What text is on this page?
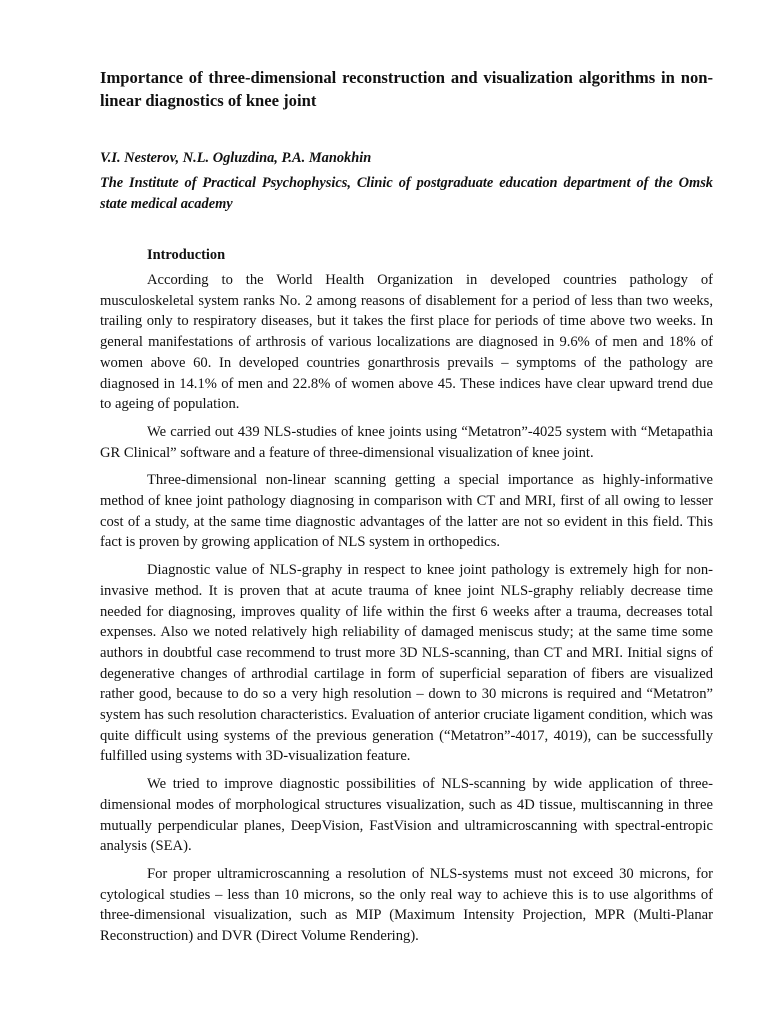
Importance of three-dimensional reconstruction and visualization algorithms in non-linear diagnostics of knee joint

V.I. Nesterov, N.L. Ogluzdina, P.A. Manokhin

The Institute of Practical Psychophysics, Clinic of postgraduate education department of the Omsk state medical academy

Introduction

According to the World Health Organization in developed countries pathology of musculoskeletal system ranks No. 2 among reasons of disablement for a period of less than two weeks, trailing only to respiratory diseases, but it takes the first place for periods of time above two weeks. In general manifestations of arthrosis of various localizations are diagnosed in 9.6% of men and 18% of women above 60. In developed countries gonarthrosis prevails – symptoms of the pathology are diagnosed in 14.1% of men and 22.8% of women above 45. These indices have clear upward trend due to ageing of population.

We carried out 439 NLS-studies of knee joints using “Metatron”-4025 system with “Metapathia GR Clinical” software and a feature of three-dimensional visualization of knee joint.

Three-dimensional non-linear scanning getting a special importance as highly-informative method of knee joint pathology diagnosing in comparison with CT and MRI, first of all owing to lesser cost of a study, at the same time diagnostic advantages of the latter are not so evident in this field. This fact is proven by growing application of NLS system in orthopedics.

Diagnostic value of NLS-graphy in respect to knee joint pathology is extremely high for non-invasive method. It is proven that at acute trauma of knee joint NLS-graphy reliably decrease time needed for diagnosing, improves quality of life within the first 6 weeks after a trauma, decreases total expenses. Also we noted relatively high reliability of damaged meniscus study; at the same time some authors in doubtful case recommend to trust more 3D NLS-scanning, than CT and MRI. Initial signs of degenerative changes of arthrodial cartilage in form of superficial separation of fibers are visualized rather good, because to do so a very high resolution – down to 30 microns is required and “Metatron” system has such resolution characteristics. Evaluation of anterior cruciate ligament condition, which was quite difficult using systems of the previous generation (“Metatron”-4017, 4019), can be successfully fulfilled using systems with 3D-visualization feature.

We tried to improve diagnostic possibilities of NLS-scanning by wide application of three-dimensional modes of morphological structures visualization, such as 4D tissue, multiscanning in three mutually perpendicular planes, DeepVision, FastVision and ultramicroscanning with spectral-entropic analysis (SEA).

For proper ultramicroscanning a resolution of NLS-systems must not exceed 30 microns, for cytological studies – less than 10 microns, so the only real way to achieve this is to use algorithms of three-dimensional visualization, such as MIP (Maximum Intensity Projection, MPR (Multi-Planar Reconstruction) and DVR (Direct Volume Rendering).
